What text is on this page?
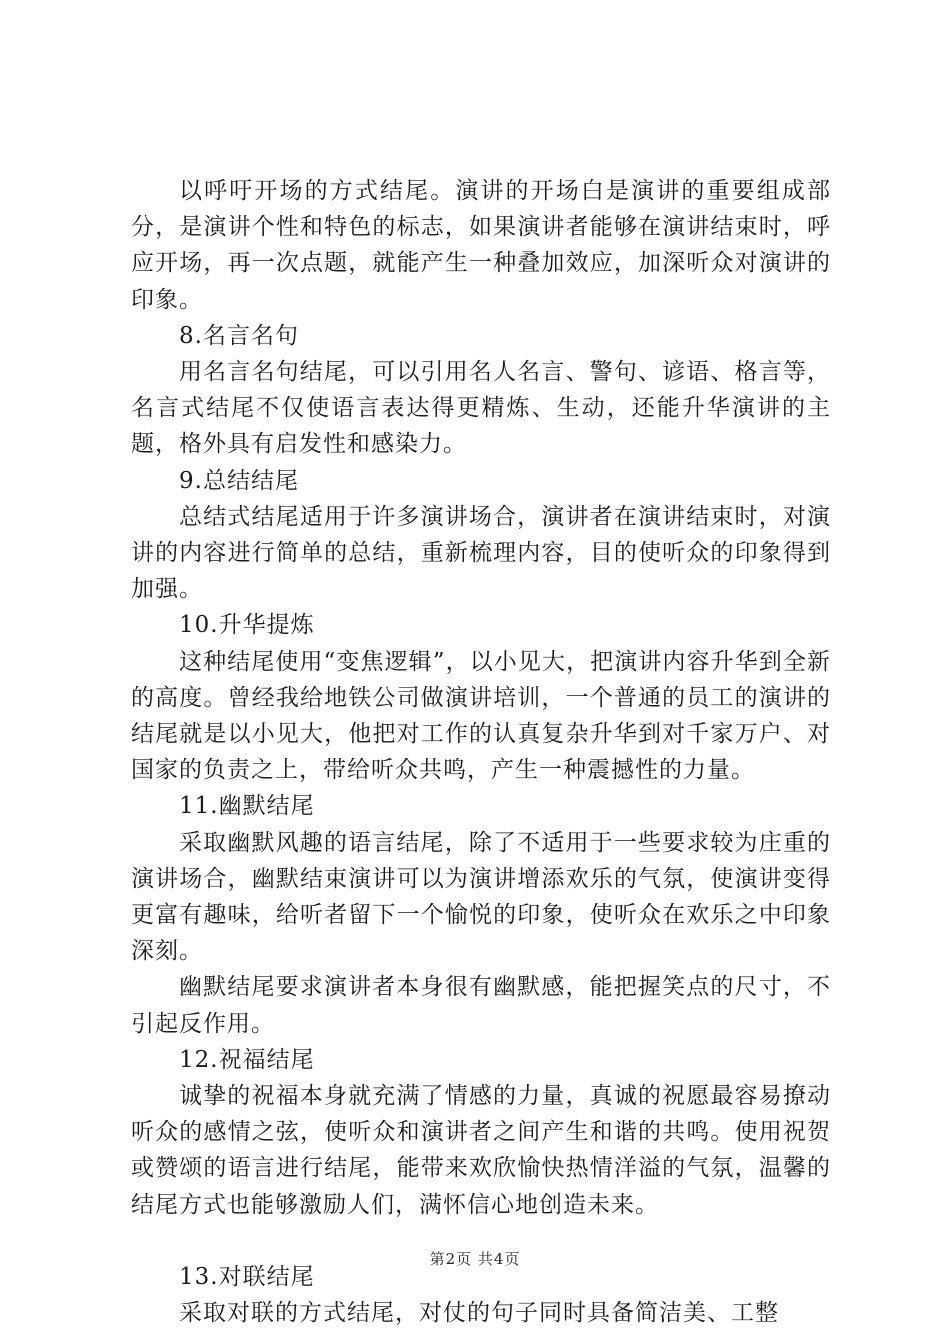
以呼吁开场的方式结尾。演讲的开场白是演讲的重要组成部分，是演讲个性和特色的标志，如果演讲者能够在演讲结束时，呼应开场，再一次点题，就能产生一种叠加效应，加深听众对演讲的印象。

8.名言名句

用名言名句结尾，可以引用名人名言、警句、谚语、格言等，名言式结尾不仅使语言表达得更精炼、生动，还能升华演讲的主题，格外具有启发性和感染力。

9.总结结尾

总结式结尾适用于许多演讲场合，演讲者在演讲结束时，对演讲的内容进行简单的总结，重新梳理内容，目的使听众的印象得到加强。

10.升华提炼

这种结尾使用“变焦逻辑”，以小见大，把演讲内容升华到全新的高度。曾经我给地铁公司做演讲培训，一个普通的员工的演讲的结尾就是以小见大，他把对工作的认真复杂升华到对千家万户、对国家的负责之上，带给听众共鸣，产生一种震撼性的力量。

11.幽默结尾

采取幽默风趣的语言结尾，除了不适用于一些要求较为庄重的演讲场合，幽默结束演讲可以为演讲增添欢乐的气氛，使演讲变得更富有趣味，给听者留下一个愉悦的印象，使听众在欢乐之中印象深刻。

幽默结尾要求演讲者本身很有幽默感，能把握笑点的尺寸，不引起反作用。

12.祝福结尾

诚挚的祝福本身就充满了情感的力量，真诚的祝愿最容易撩动听众的感情之弦，使听众和演讲者之间产生和谐的共鸣。使用祝贺或赞颂的语言进行结尾，能带来欢欣愉快热情洋溢的气氛，温馨的结尾方式也能够激励人们，满怀信心地创造未来。

13.对联结尾

采取对联的方式结尾，对仗的句子同时具备简洁美、工整

第2页 共4页
